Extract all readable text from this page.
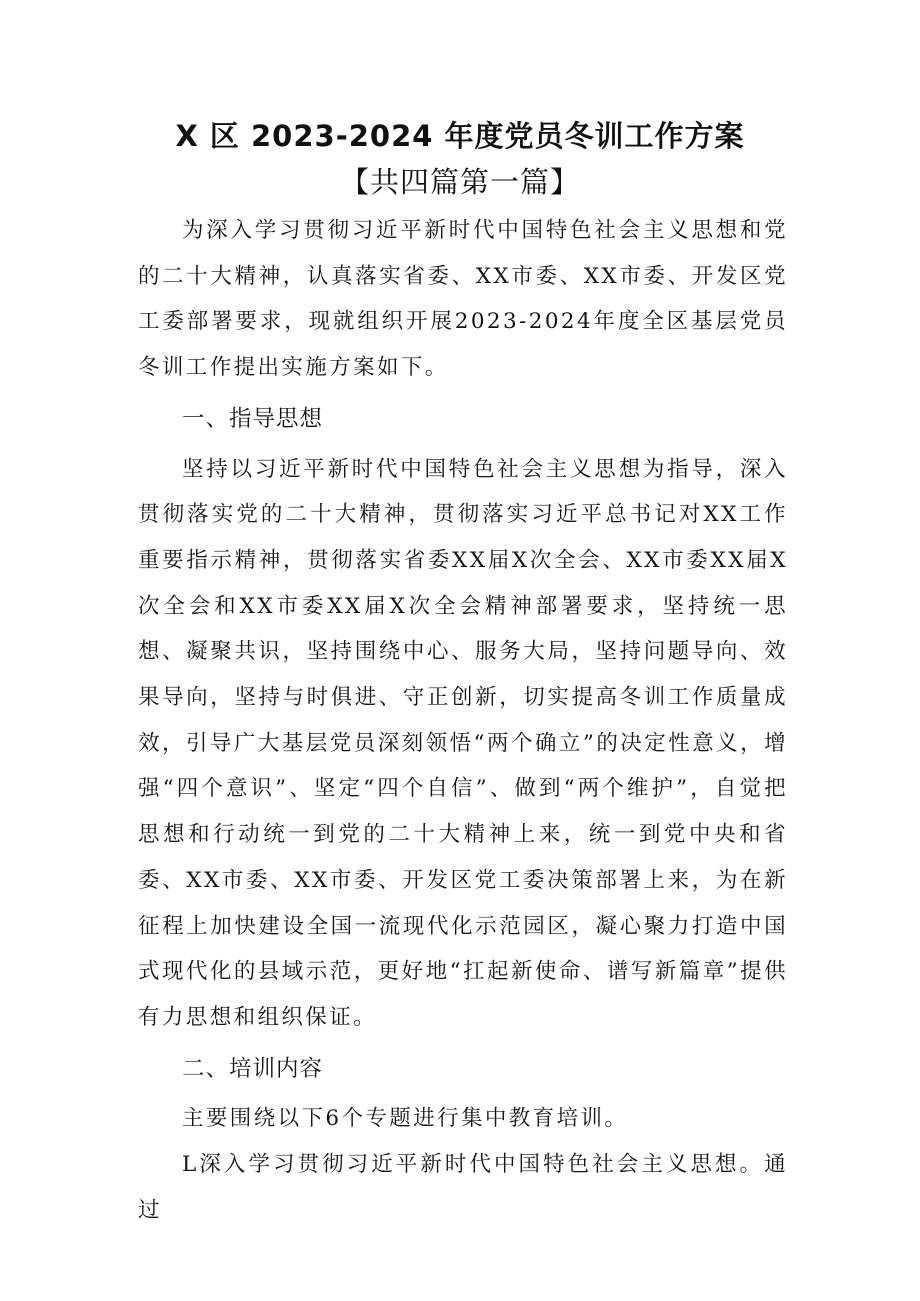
X 区 2023-2024 年度党员冬训工作方案
【共四篇第一篇】

为深入学习贯彻习近平新时代中国特色社会主义思想和党的二十大精神，认真落实省委、XX市委、XX市委、开发区党工委部署要求，现就组织开展2023-2024年度全区基层党员冬训工作提出实施方案如下。

一、指导思想

坚持以习近平新时代中国特色社会主义思想为指导，深入贯彻落实党的二十大精神，贯彻落实习近平总书记对XX工作重要指示精神，贯彻落实省委XX届X次全会、XX市委XX届X次全会和XX市委XX届X次全会精神部署要求，坚持统一思想、凝聚共识，坚持围绕中心、服务大局，坚持问题导向、效果导向，坚持与时俱进、守正创新，切实提高冬训工作质量成效，引导广大基层党员深刻领悟“两个确立”的决定性意义，增强“四个意识”、坚定“四个自信”、做到“两个维护”，自觉把思想和行动统一到党的二十大精神上来，统一到党中央和省委、XX市委、XX市委、开发区党工委决策部署上来，为在新征程上加快建设全国一流现代化示范园区，凝心聚力打造中国式现代化的县域示范，更好地“扛起新使命、谱写新篇章”提供有力思想和组织保证。

二、培训内容

主要围绕以下6个专题进行集中教育培训。

L深入学习贯彻习近平新时代中国特色社会主义思想。通过
